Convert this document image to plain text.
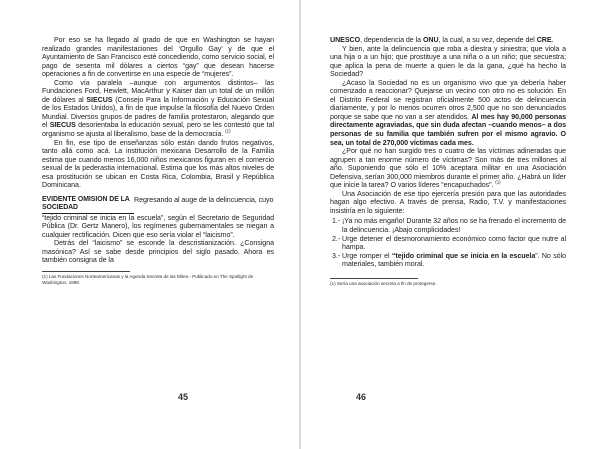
Por eso se ha llegado al grado de que en Washington se hayan realizado grandes manifestaciones del ‘Orgullo Gay’ y de que el Ayuntamiento de San Francisco esté concediendo, como servicio social, el pago de sesenta mil dólares a ciertos “gay” que desean hacerse operaciones a fin de convertirse en una especie de “mujeres”.

Como vía paralela –aunque con argumentos distintos– las Fundaciones Ford, Hewlett, MacArthur y Kaiser dan un total de un millón de dólares al SIECUS (Consejo Para la Información y Educación Sexual de los Estados Unidos), a fin de que impulse la filosofía del Nuevo Orden Mundial. Diversos grupos de padres de familia protestaron, alegando que el SIECUS desorientaba la educación sexual, pero se les contestó que tal organismo se ajusta al liberalismo, base de la democracia. $^{(1)}$

En fin, ese tipo de enseñanzas sólo están dando frutos negativos, tanto allá como acá. La institución mexicana Desarrollo de la Familia estima que cuando menos 16,000 niños mexicanos figuran en el comercio sexual de la pederastia internacional. Estima que los más altos niveles de esa prostitución se ubican en Costa Rica, Colombia, Brasil y República Dominicana.

EVIDENTE OMISION DE LA SOCIEDAD
Regresando al auge de la delincuencia, cuyo

“tejido criminal se inicia en la escuela”, según el Secretario de Seguridad Pública (Dr. Gertz Manero), los regímenes gubernamentales se niegan a cualquier rectificación. Dicen que eso sería violar el “laicismo”.

Detrás del “laicismo” se esconde la descristianización. ¿Consigna masónica? Así se sabe desde principios del siglo pasado. Ahora es también consigna de la

(1) Las Fundaciones Norteamericanas y la Agenda Secreta de las Elites.- Publicado en The Spotlight de Washington, 1998.
45

UNESCO, dependencia de la ONU, la cual, a su vez, depende del CRE.

Y bien, ante la delincuencia que roba a diestra y siniestra; que viola a una hija o a un hijo; que prostituye a una niña o a un niño; que secuestra; que aplica la pena de muerte a quien le da la gana, ¿qué ha hecho la Sociedad?

¿Acaso la Sociedad no es un organismo vivo que ya debería haber comenzado a reaccionar? Quejarse un vecino con otro no es solución. En el Distrito Federal se registran oficialmente 500 actos de delincuencia diariamente, y por lo menos ocurren otros 2,500 que no son denunciados porque se sabe que no van a ser atendidos. Al mes hay 90,000 personas directamente agraviadas, que sin duda afectan –cuando menos– a dos personas de su familia que también sufren por el mismo agravio. O sea, un total de 270,000 víctimas cada mes.

¿Por qué no han surgido tres o cuatro de las víctimas adineradas que agrupen a tan enorme número de víctimas? Son más de tres millones al año. Suponiendo que sólo el 10% aceptara militar en una Asociación Defensiva, serían 300,000 miembros durante el primer año. ¿Habrá un líder que inicie la tarea? O varios líderes “encapuchados”. $^{(1)}$

Una Asociación de ese tipo ejercería presión para que las autoridades hagan algo efectivo. A través de prensa, Radio, T.V. y manifestaciones insistiría en lo siguiente:

1.- ¡Ya no más engaño! Durante 32 años no se ha frenado el incremento de la delincuencia. ¡Abajo complicidades!
2.- Urge detener el desmoronamiento económico como factor que nutre al hampa.
3.- Urge romper el “tejido criminal que se inicia en la escuela”. No sólo materiales, también moral.
(1) Sería una asociación secreta a fin de protegerse.
46
